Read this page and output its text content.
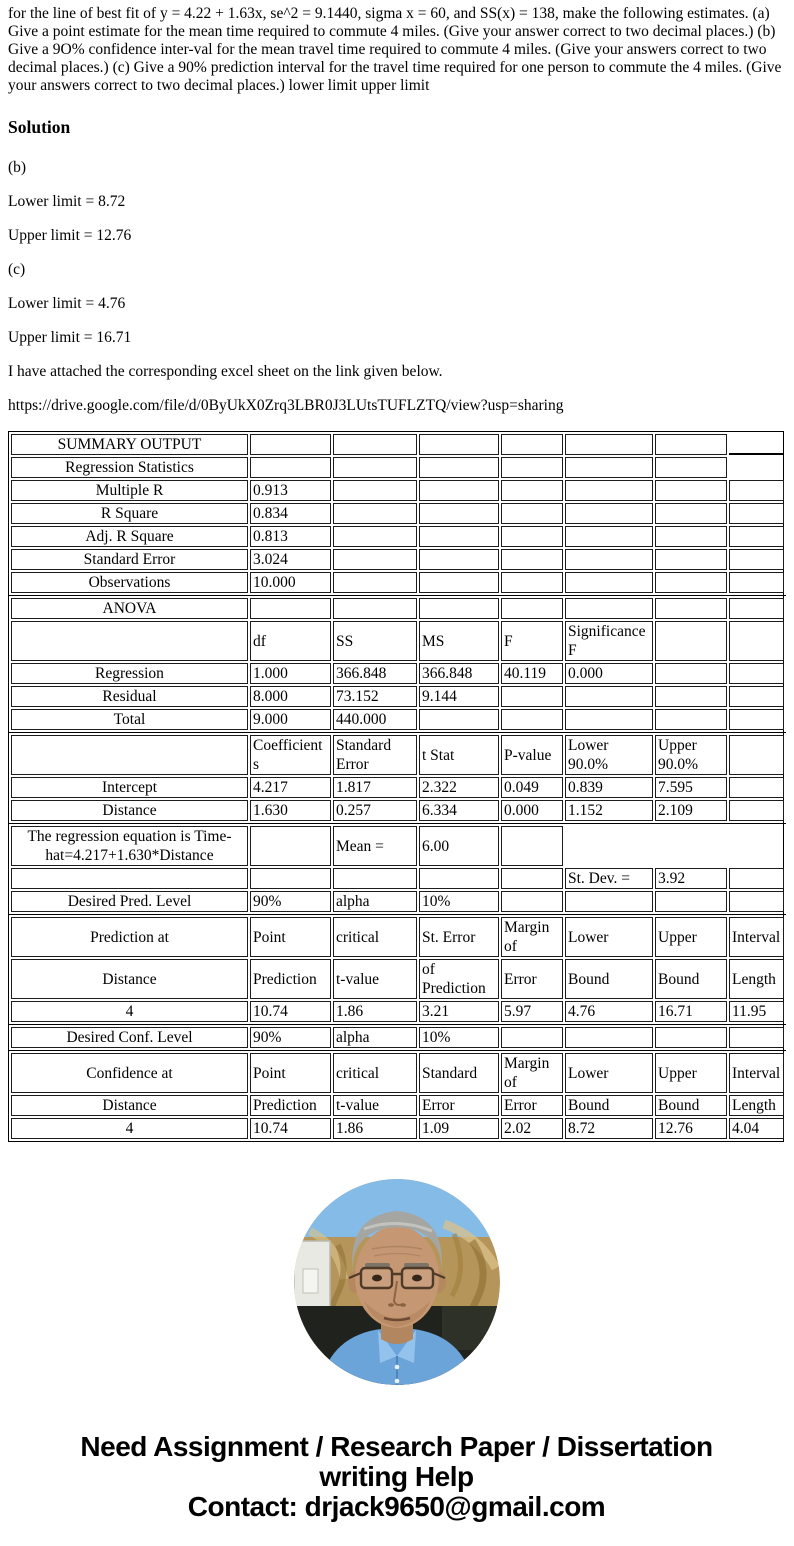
for the line of best fit of y = 4.22 + 1.63x, se^2 = 9.1440, sigma x = 60, and SS(x) = 138, make the following estimates. (a) Give a point estimate for the mean time required to commute 4 miles. (Give your answer correct to two decimal places.) (b) Give a 9O% confidence inter-val for the mean travel time required to commute 4 miles. (Give your answers correct to two decimal places.) (c) Give a 90% prediction interval for the travel time required for one person to commute the 4 miles. (Give your answers correct to two decimal places.) lower limit upper limit

Solution

(b)

Lower limit = 8.72

Upper limit = 12.76

(c)

Lower limit = 4.76

Upper limit = 16.71

I have attached the corresponding excel sheet on the link given below.

https://drive.google.com/file/d/0ByUkX0Zrq3LBR0J3LUtsTUFLZTQ/view?usp=sharing

SUMMARY OUTPUT							
Regression Statistics							
Multiple R	0.913						
R Square	0.834						
Adj. R Square	0.813						
Standard Error	3.024						
Observations	10.000						
ANOVA							
	df	SS	MS	F	Significance F		
Regression	1.000	366.848	366.848	40.119	0.000		
Residual	8.000	73.152	9.144				
Total	9.000	440.000					
	Coefficients	Standard Error	t Stat	P-value	Lower 90.0%	Upper 90.0%	
Intercept	4.217	1.817	2.322	0.049	0.839	7.595	
Distance	1.630	0.257	6.334	0.000	1.152	2.109	
The regression equation is Time-hat=4.217+1.630*Distance		Mean =	6.00				
					St. Dev. =	3.92	
Desired Pred. Level	90%	alpha	10%				
Prediction at	Point	critical	St. Error	Margin of	Lower	Upper	Interval
Distance	Prediction	t-value	of Prediction	Error	Bound	Bound	Length
4	10.74	1.86	3.21	5.97	4.76	16.71	11.95
Desired Conf. Level	90%	alpha	10%				
Confidence at	Point	critical	Standard	Margin of	Lower	Upper	Interval
Distance	Prediction	t-value	Error	Error	Bound	Bound	Length
4	10.74	1.86	1.09	2.02	8.72	12.76	4.04
Need Assignment / Research Paper / Dissertation
writing Help
Contact: drjack9650@gmail.com
